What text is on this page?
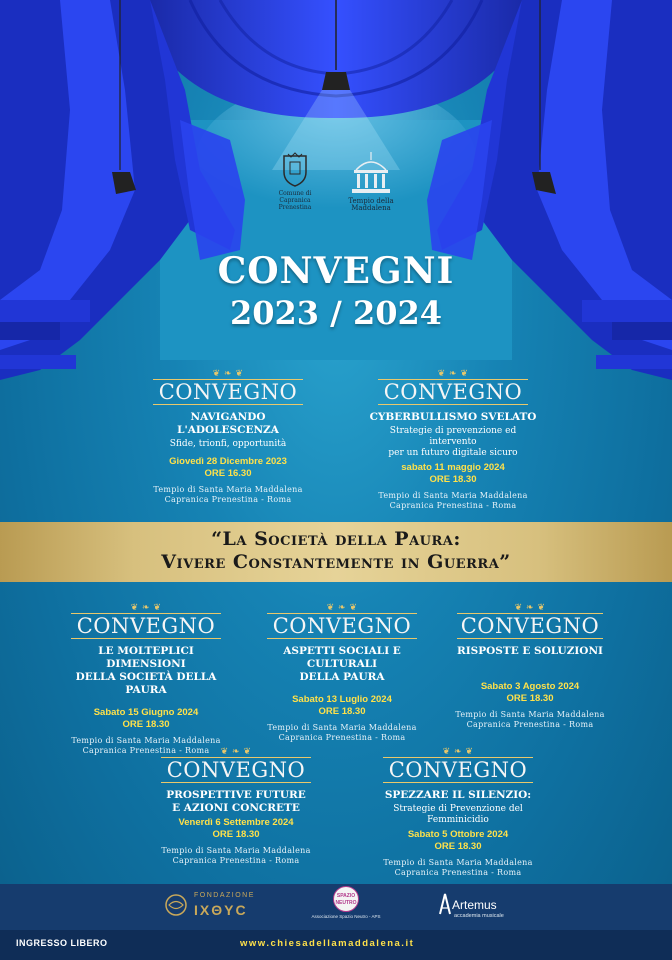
Comune di
Capranica Prenestina
Tempio della Maddalena
CONVEGNI
2023 / 2024
❦ ❧ ❦
CONVEGNO
NAVIGANDO L'ADOLESCENZA
Sfide, trionfi, opportunità
Giovedì 28 Dicembre 2023
ORE 16.30
Tempio di Santa Maria Maddalena
Capranica Prenestina - Roma
❦ ❧ ❦
CONVEGNO
CYBERBULLISMO SVELATO
Strategie di prevenzione ed intervento
per un futuro digitale sicuro
sabato 11 maggio 2024
ORE 18.30
Tempio di Santa Maria Maddalena
Capranica Prenestina - Roma
“La Società della Paura:
Vivere Constantemente in Guerra”
❦ ❧ ❦
CONVEGNO
LE MOLTEPLICI DIMENSIONI
DELLA SOCIETÀ DELLA PAURA
Sabato 15 Giugno 2024
ORE 18.30
Tempio di Santa Maria Maddalena
Capranica Prenestina - Roma
❦ ❧ ❦
CONVEGNO
ASPETTI SOCIALI E CULTURALI
DELLA PAURA
Sabato 13 Luglio 2024
ORE 18.30
Tempio di Santa Maria Maddalena
Capranica Prenestina - Roma
❦ ❧ ❦
CONVEGNO
RISPOSTE E SOLUZIONI
Sabato 3 Agosto 2024
ORE 18.30
Tempio di Santa Maria Maddalena
Capranica Prenestina - Roma
❦ ❧ ❦
CONVEGNO
PROSPETTIVE FUTURE
E AZIONI CONCRETE
Venerdì 6 Settembre 2024
ORE 18.30
Tempio di Santa Maria Maddalena
Capranica Prenestina - Roma
❦ ❧ ❦
CONVEGNO
SPEZZARE IL SILENZIO:
Strategie di Prevenzione del Femminicidio
Sabato 5 Ottobre 2024
ORE 18.30
Tempio di Santa Maria Maddalena
Capranica Prenestina - Roma
FONDAZIONE
IXΘYC
SPAZIO NEUTRO
Associazione Spazio Neutro - APS
Artemus
accademia musicale
INGRESSO LIBERO	www.chiesadellamaddalena.it
